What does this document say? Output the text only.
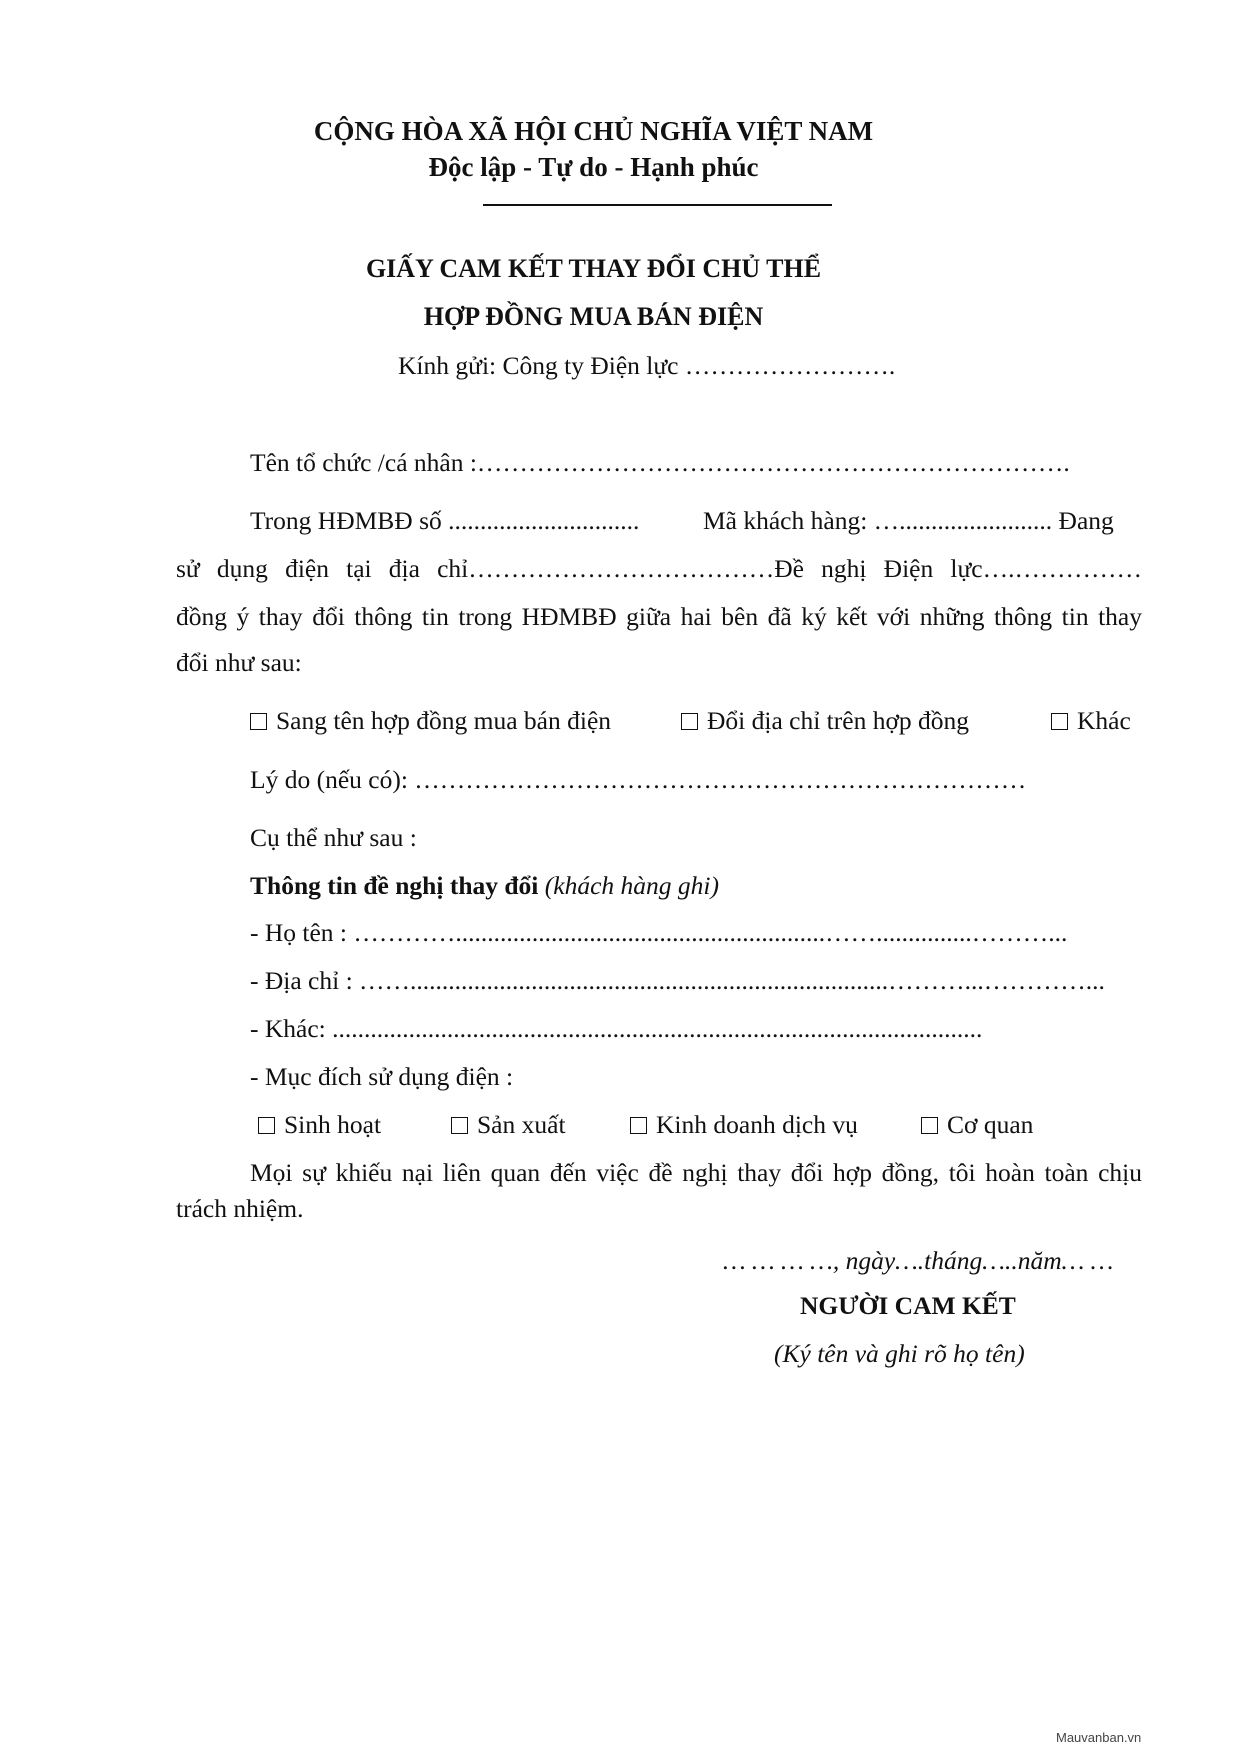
CỘNG HÒA XÃ HỘI CHỦ NGHĨA VIỆT NAM
Độc lập - Tự do - Hạnh phúc
GIẤY CAM KẾT THAY ĐỔI CHỦ THỂ
HỢP ĐỒNG MUA BÁN ĐIỆN
Kính gửi: Công ty Điện lực …………………….
Tên tổ chức /cá nhân :…………………………………………………………….
Trong HĐMBĐ số .............................. Mã khách hàng: …........................ Đang
sử dụng điện tại địa chỉ………………………………Đề nghị Điện lực….……………
đồng ý thay đổi thông tin trong HĐMBĐ giữa hai bên đã ký kết với những thông tin thay
đổi như sau:
Sang tên hợp đồng mua bán điện	Đổi địa chỉ trên hợp đồng	Khác
Lý do (nếu có): ………………………………………………………………
Cụ thể như sau :
Thông tin đề nghị thay đổi (khách hàng ghi)
- Họ tên : …………..........................................................……...............………...
- Địa chỉ : ……...........................................................................………...…………...
- Khác: ......................................................................................................
- Mục đích sử dụng điện :
Sinh hoạt	Sản xuất	Kinh doanh dịch vụ	Cơ quan
Mọi sự khiếu nại liên quan đến việc đề nghị thay đổi hợp đồng, tôi hoàn toàn chịu
trách nhiệm.
… … … …, ngày….tháng…..năm… …
NGƯỜI CAM KẾT
(Ký tên và ghi rõ họ tên)
Mauvanban.vn
